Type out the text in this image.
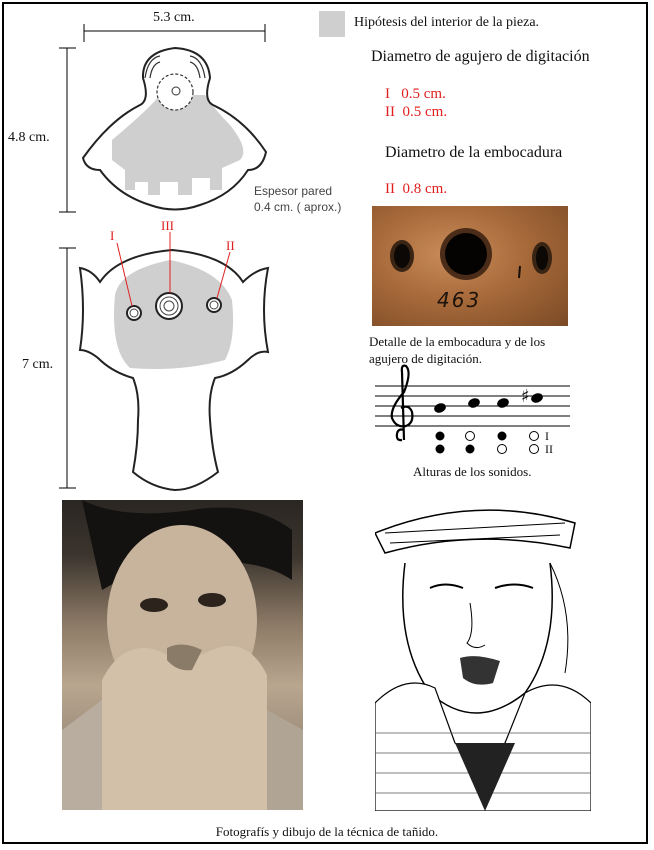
Hipótesis del interior de la pieza.
5.3 cm.
4.8 cm.
7 cm.
Espesor pared
0.4 cm. ( aprox.)
I
III
II
Diametro de agujero de digitación
I 0.5 cm.
II 0.5 cm.
Diametro de la embocadura
II 0.8 cm.
463
Detalle de la embocadura y de los
agujero de digitación.
♯
I
II
Alturas de los sonidos.
Fotografís y dibujo de la técnica de tañido.
